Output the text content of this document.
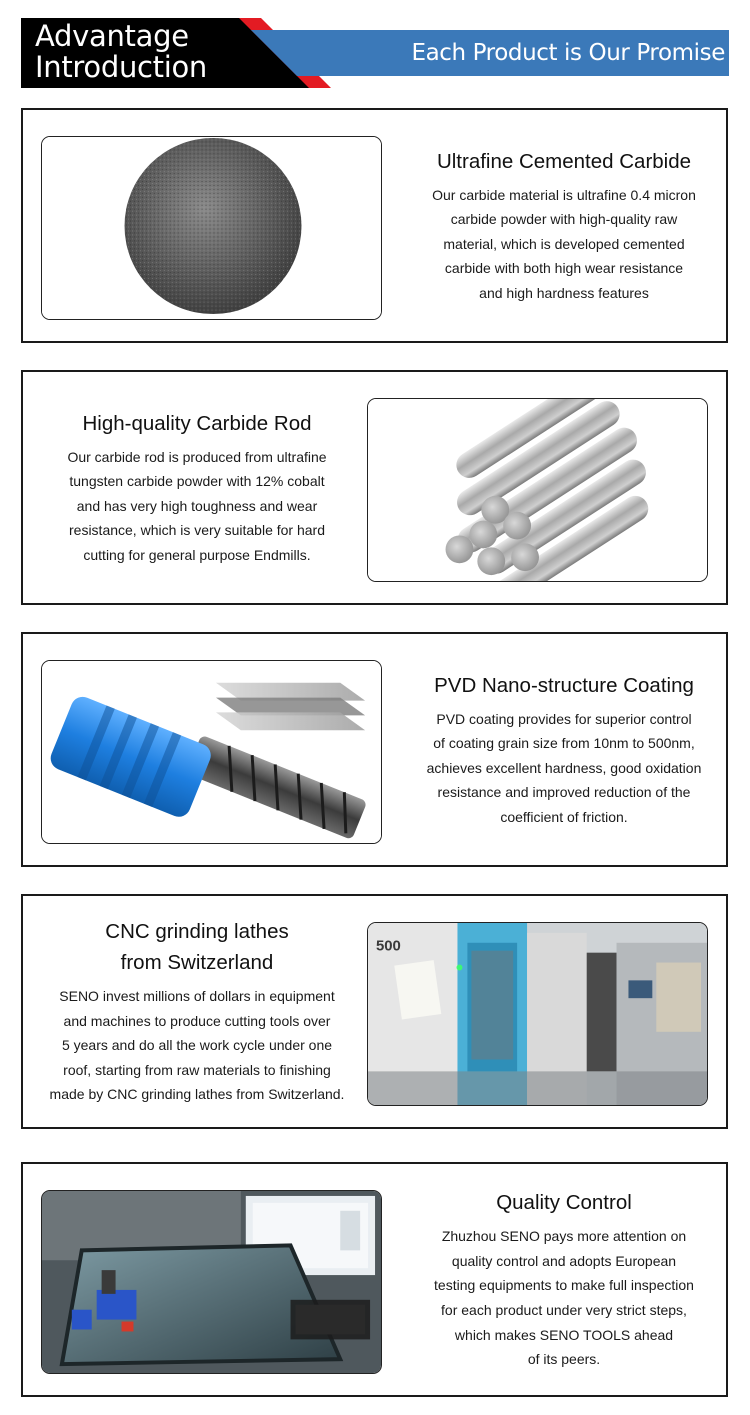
Advantage
Introduction	Each Product is Our Promise
Ultrafine Cemented Carbide
Our carbide material is ultrafine 0.4 micron
carbide powder with high-quality raw
material, which is developed cemented
carbide with both high wear resistance
and high hardness features
High-quality Carbide Rod
Our carbide rod is produced from ultrafine
tungsten carbide powder with 12% cobalt
and has very high toughness and wear
resistance, which is very suitable for hard
cutting for general purpose Endmills.
PVD Nano-structure Coating
PVD coating provides for superior control
of coating grain size from 10nm to 500nm,
achieves excellent hardness, good oxidation
resistance and improved reduction of the
coefficient of friction.
CNC grinding lathes
from Switzerland
SENO invest millions of dollars in equipment
and machines to produce cutting tools over
5 years and do all the work cycle under one
roof, starting from raw materials to finishing
made by CNC grinding lathes from Switzerland.
500
Quality Control
Zhuzhou SENO pays more attention on
quality control and adopts European
testing equipments to make full inspection
for each product under very strict steps,
which makes SENO TOOLS ahead
of its peers.
